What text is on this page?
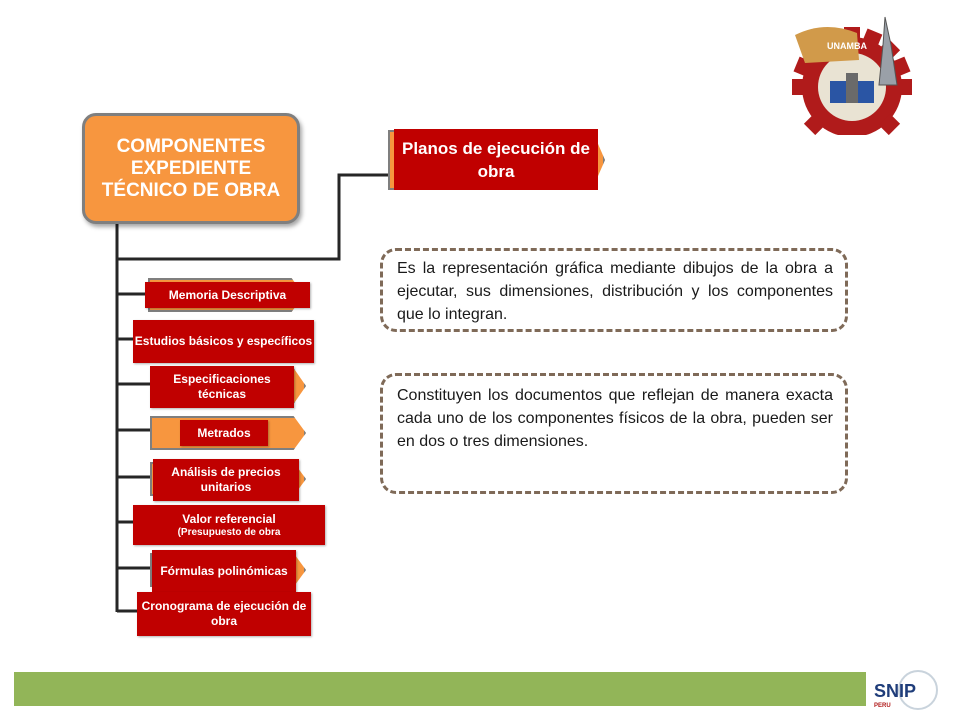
COMPONENTES EXPEDIENTE TÉCNICO DE OBRA
Planos de ejecución de obra
Memoria Descriptiva
Estudios básicos y específicos
Especificaciones técnicas
Metrados
Análisis de precios unitarios
Valor referencial
(Presupuesto de obra
Fórmulas polinómicas
Cronograma de ejecución de obra
Es la representación gráfica mediante dibujos de la obra a ejecutar, sus dimensiones, distribución y los componentes que lo integran.
Constituyen los documentos que reflejan de manera exacta cada uno de los componentes físicos de la obra, pueden ser en dos o tres dimensiones.
UNAMBA
SNIP
PERU
